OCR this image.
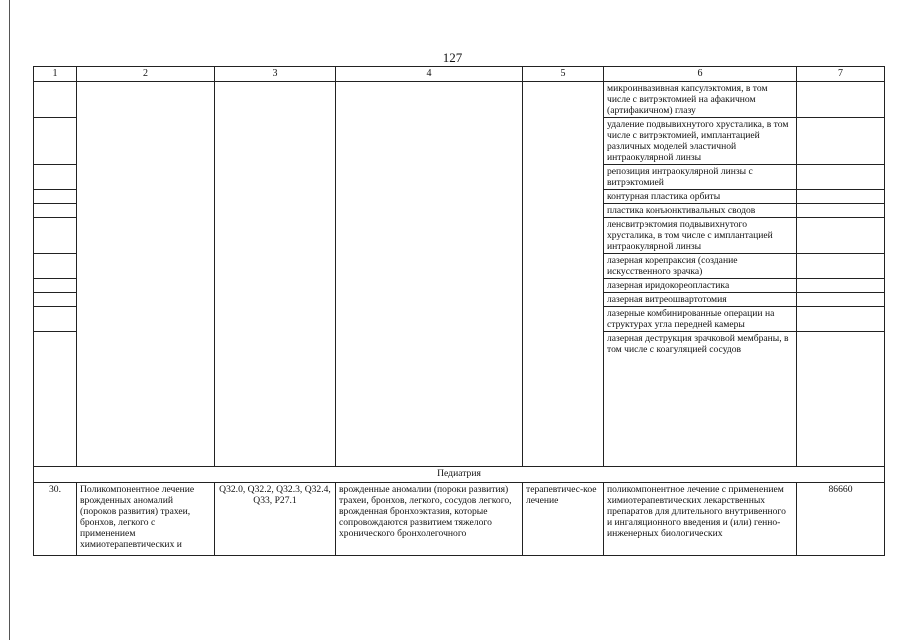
127
1	2	3	4	5	6	7
					микроинвазивная капсулэктомия, в том числе с витрэктомией на афакичном (артифакичном) глазу	
					удаление подвывихнутого хрусталика, в том числе с витрэктомией, имплантацией различных моделей эластичной интраокулярной линзы	
					репозиция интраокулярной линзы с витрэктомией	
					контурная пластика орбиты	
					пластика конъюнктивальных сводов	
					ленсвитрэктомия подвывихнутого хрусталика, в том числе с имплантацией интраокулярной линзы	
					лазерная корепраксия (создание искусственного зрачка)	
					лазерная иридокореопластика	
					лазерная витреошвартотомия	
					лазерные комбинированные операции на структурах угла передней камеры	
					лазерная деструкция зрачковой мембраны, в том числе с коагуляцией сосудов	
Педиатрия						
30.	Поликомпонентное лечение врожденных аномалий (пороков развития) трахеи, бронхов, легкого с применением химиотерапевтических и	Q32.0, Q32.2, Q32.3, Q32.4, Q33, P27.1	врожденные аномалии (пороки развития) трахеи, бронхов, легкого, сосудов легкого, врожденная бронхоэктазия, которые сопровождаются развитием тяжелого хронического бронхолегочного	терапевтичес-кое лечение	поликомпонентное лечение с применением химиотерапевтических лекарственных препаратов для длительного внутривенного и ингаляционного введения и (или) генно-инженерных биологических	86660
